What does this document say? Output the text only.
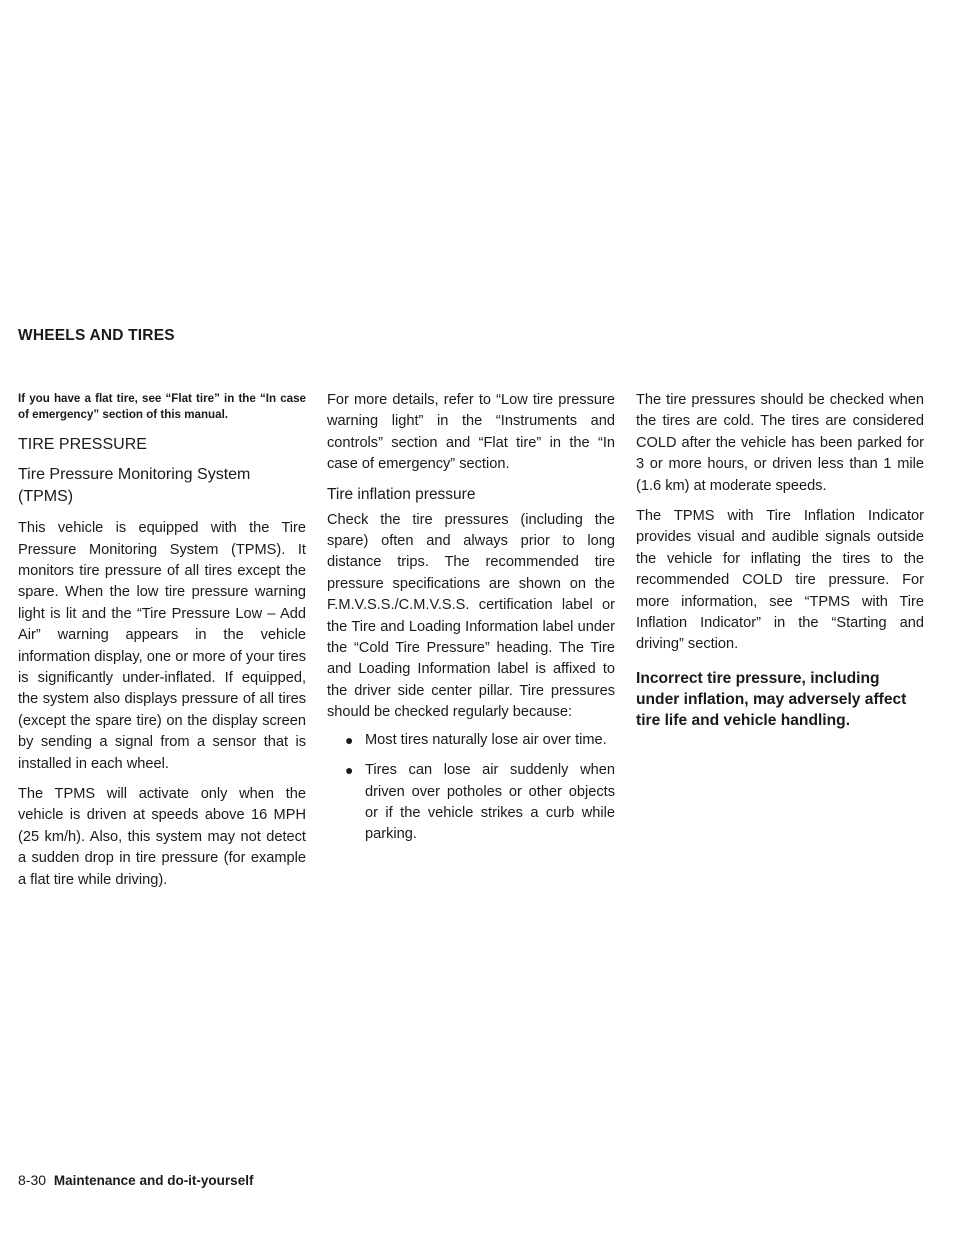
WHEELS AND TIRES

If you have a flat tire, see “Flat tire” in the “In case of emergency” section of this manual.

TIRE PRESSURE
Tire Pressure Monitoring System (TPMS)

This vehicle is equipped with the Tire Pressure Monitoring System (TPMS). It monitors tire pressure of all tires except the spare. When the low tire pressure warning light is lit and the “Tire Pressure Low – Add Air” warning appears in the vehicle information display, one or more of your tires is significantly under-inflated. If equipped, the system also displays pressure of all tires (except the spare tire) on the display screen by sending a signal from a sensor that is installed in each wheel.

The TPMS will activate only when the vehicle is driven at speeds above 16 MPH (25 km/h). Also, this system may not detect a sudden drop in tire pressure (for example a flat tire while driving).

For more details, refer to “Low tire pressure warning light” in the “Instruments and controls” section and “Flat tire” in the “In case of emergency” section.

Tire inflation pressure

Check the tire pressures (including the spare) often and always prior to long distance trips. The recommended tire pressure specifications are shown on the F.M.V.S.S./C.M.V.S.S. certification label or the Tire and Loading Information label under the “Cold Tire Pressure” heading. The Tire and Loading Information label is affixed to the driver side center pillar. Tire pressures should be checked regularly because:

● Most tires naturally lose air over time.
● Tires can lose air suddenly when driven over potholes or other objects or if the vehicle strikes a curb while parking.

The tire pressures should be checked when the tires are cold. The tires are considered COLD after the vehicle has been parked for 3 or more hours, or driven less than 1 mile (1.6 km) at moderate speeds.

The TPMS with Tire Inflation Indicator provides visual and audible signals outside the vehicle for inflating the tires to the recommended COLD tire pressure. For more information, see “TPMS with Tire Inflation Indicator” in the “Starting and driving” section.

Incorrect tire pressure, including under inflation, may adversely affect tire life and vehicle handling.

8-30 Maintenance and do-it-yourself
